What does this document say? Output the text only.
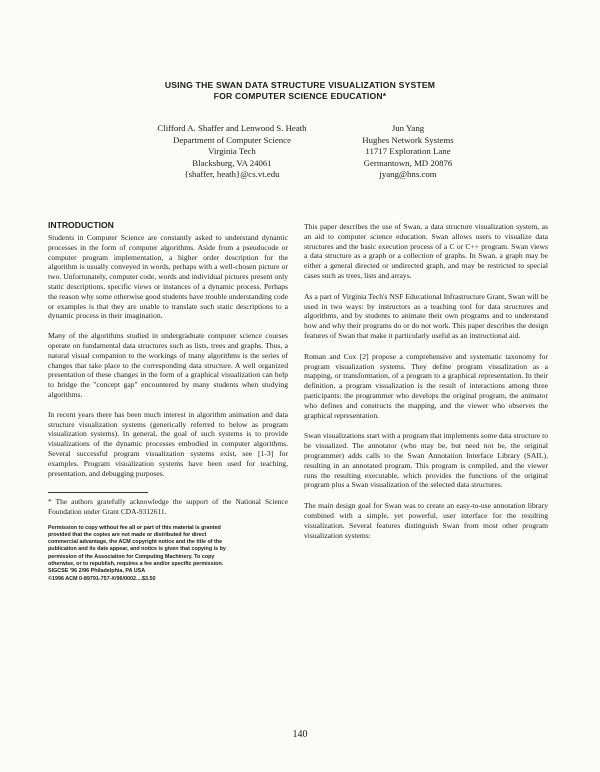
USING THE SWAN DATA STRUCTURE VISUALIZATION SYSTEM
FOR COMPUTER SCIENCE EDUCATION*
Clifford A. Shaffer and Lenwood S. Heath
Department of Computer Science
Virginia Tech
Blacksburg, VA 24061
{shaffer, heath}@cs.vt.edu
Jun Yang
Hughes Network Systems
11717 Exploration Lane
Germantown, MD 20876
jyang@hns.com
INTRODUCTION

Students in Computer Science are constantly asked to understand dynamic processes in the form of computer algorithms. Aside from a pseudocode or computer program implementation, a higher order description for the algorithm is usually conveyed in words, perhaps with a well-chosen picture or two. Unfortunately, computer code, words and individual pictures present only static descriptions, specific views or instances of a dynamic process. Perhaps the reason why some otherwise good students have trouble understanding code or examples is that they are unable to translate such static descriptions to a dynamic process in their imagination.

Many of the algorithms studied in undergraduate computer science courses operate on fundamental data structures such as lists, trees and graphs. Thus, a natural visual companion to the workings of many algorithms is the series of changes that take place to the corresponding data structure. A well organized presentation of these changes in the form of a graphical visualization can help to bridge the "concept gap" encountered by many students when studying algorithms.

In recent years there has been much interest in algorithm animation and data structure visualization systems (generically referred to below as program visualization systems). In general, the goal of such systems is to provide visualizations of the dynamic processes embodied in computer algorithms. Several successful program visualization systems exist, see [1-3] for examples. Program visualization systems have been used for teaching, presentation, and debugging purposes.

* The authors gratefully acknowledge the support of the National Science Foundation under Grant CDA-9312611.

Permission to copy without fee all or part of this material is granted
provided that the copies are not made or distributed for direct
commercial advantage, the ACM copyright notice and the title of the
publication and its date appear, and notice is given that copying is by
permission of the Association for Computing Machinery. To copy
otherwise, or to republish, requires a fee and/or specific permission.
SIGCSE '96 2/96 Philadelphia, PA USA
©1996 ACM 0-89791-757-X/96/0002....$3.50

This paper describes the use of Swan, a data structure visualization system, as an aid to computer science education. Swan allows users to visualize data structures and the basic execution process of a C or C++ program. Swan views a data structure as a graph or a collection of graphs. In Swan, a graph may be either a general directed or undirected graph, and may be restricted to special cases such as trees, lists and arrays.

As a part of Virginia Tech's NSF Educational Infrastructure Grant, Swan will be used in two ways: by instructors as a teaching tool for data structures and algorithms, and by students to animate their own programs and to understand how and why their programs do or do not work. This paper describes the design features of Swan that make it particularly useful as an instructional aid.

Roman and Cox [2] propose a comprehensive and systematic taxonomy for program visualization systems. They define program visualization as a mapping, or transformation, of a program to a graphical representation. In their definition, a program visualization is the result of interactions among three participants: the programmer who develops the original program, the animator who defines and constructs the mapping, and the viewer who observes the graphical representation.

Swan visualizations start with a program that implements some data structure to be visualized. The annotator (who may be, but need not be, the original programmer) adds calls to the Swan Annotation Interface Library (SAIL), resulting in an annotated program. This program is compiled, and the viewer runs the resulting executable, which provides the functions of the original program plus a Swan visualization of the selected data structures.

The main design goal for Swan was to create an easy-to-use annotation library combined with a simple, yet powerful, user interface for the resulting visualization. Several features distinguish Swan from most other program visualization systems:

140
